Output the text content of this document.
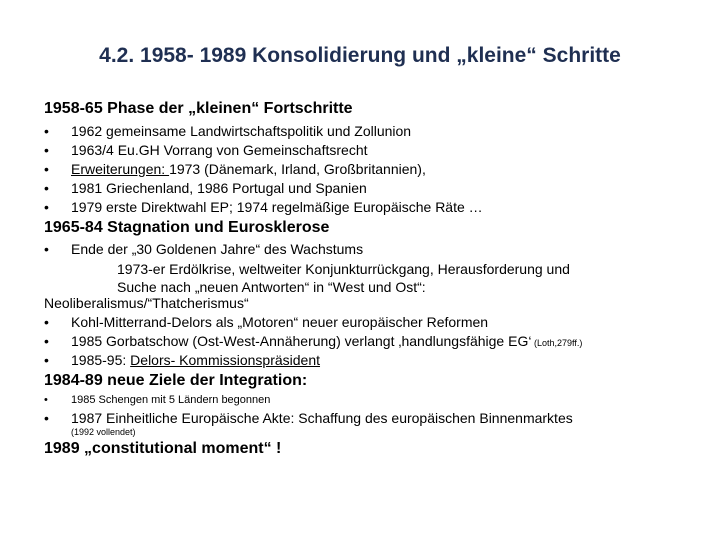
4.2. 1958- 1989 Konsolidierung und „kleine“ Schritte
1958-65 Phase der „kleinen“ Fortschritte
• 1962 gemeinsame Landwirtschaftspolitik und Zollunion
• 1963/4 Eu.GH Vorrang von Gemeinschaftsrecht
• Erweiterungen: 1973 (Dänemark, Irland, Großbritannien),
• 1981 Griechenland, 1986 Portugal und Spanien
• 1979 erste Direktwahl EP; 1974 regelmäßige Europäische Räte …
1965-84 Stagnation und Eurosklerose
• Ende der „30 Goldenen Jahre“ des Wachstums
1973-er Erdölkrise, weltweiter Konjunkturrückgang, Herausforderung und
Suche nach „neuen Antworten“ in “West und Ost“:
Neoliberalismus/“Thatcherismus“
• Kohl-Mitterrand-Delors als „Motoren“ neuer europäischer Reformen
• 1985 Gorbatschow (Ost-West-Annäherung) verlangt ‚handlungsfähige EG‘ (Loth,279ff.)
• 1985-95: Delors- Kommissionspräsident
1984-89 neue Ziele der Integration:
• 1985 Schengen mit 5 Ländern begonnen
• 1987 Einheitliche Europäische Akte: Schaffung des europäischen Binnenmarktes
(1992 vollendet)
1989 „constitutional moment“ !
